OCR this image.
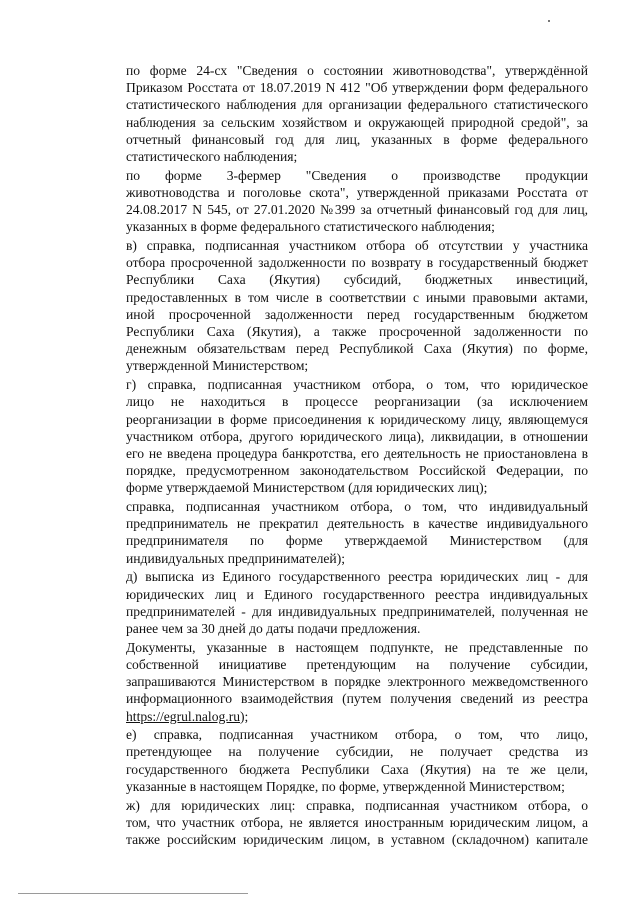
по форме 24-сх "Сведения о состоянии животноводства", утверждённой
Приказом Росстата от 18.07.2019 N 412 "Об утверждении форм федерального
статистического наблюдения для организации федерального статистического
наблюдения за сельским хозяйством и окружающей природной средой", за
отчетный финансовый год для лиц, указанных в форме федерального
статистического наблюдения;
по форме 3-фермер "Сведения о производстве продукции
животноводства и поголовье скота", утвержденной приказами Росстата от
24.08.2017 N 545, от 27.01.2020 №399 за отчетный финансовый год для лиц,
указанных в форме федерального статистического наблюдения;
в) справка, подписанная участником отбора об отсутствии у участника
отбора просроченной задолженности по возврату в государственный бюджет
Республики Саха (Якутия) субсидий, бюджетных инвестиций,
предоставленных в том числе в соответствии с иными правовыми актами,
иной просроченной задолженности перед государственным бюджетом
Республики Саха (Якутия), а также просроченной задолженности по
денежным обязательствам перед Республикой Саха (Якутия) по форме,
утвержденной Министерством;
г) справка, подписанная участником отбора, о том, что юридическое
лицо не находиться в процессе реорганизации (за исключением
реорганизации в форме присоединения к юридическому лицу, являющемуся
участником отбора, другого юридического лица), ликвидации, в отношении
его не введена процедура банкротства, его деятельность не приостановлена в
порядке, предусмотренном законодательством Российской Федерации, по
форме утверждаемой Министерством (для юридических лиц);
справка, подписанная участником отбора, о том, что индивидуальный
предприниматель не прекратил деятельность в качестве индивидуального
предпринимателя по форме утверждаемой Министерством (для
индивидуальных предпринимателей);
д) выписка из Единого государственного реестра юридических лиц - для
юридических лиц и Единого государственного реестра индивидуальных
предпринимателей - для индивидуальных предпринимателей, полученная не
ранее чем за 30 дней до даты подачи предложения.
Документы, указанные в настоящем подпункте, не представленные по
собственной инициативе претендующим на получение субсидии,
запрашиваются Министерством в порядке электронного межведомственного
информационного взаимодействия (путем получения сведений из реестра
https://egrul.nalog.ru);
е) справка, подписанная участником отбора, о том, что лицо,
претендующее на получение субсидии, не получает средства из
государственного бюджета Республики Саха (Якутия) на те же цели,
указанные в настоящем Порядке, по форме, утвержденной Министерством;
ж) для юридических лиц: справка, подписанная участником отбора, о
том, что участник отбора, не является иностранным юридическим лицом, а
также российским юридическим лицом, в уставном (складочном) капитале
